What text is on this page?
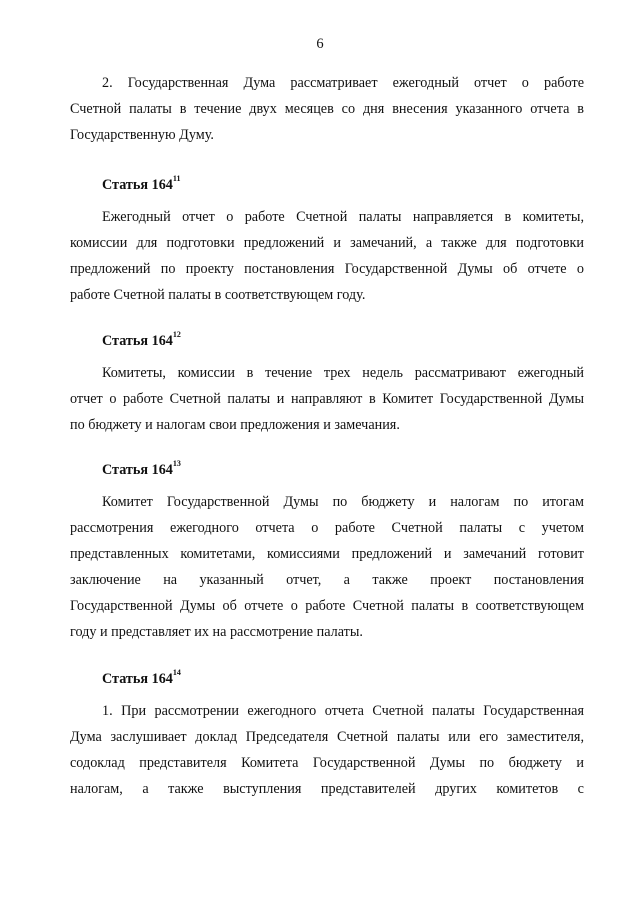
6
2. Государственная Дума рассматривает ежегодный отчет о работе
Счетной палаты в течение двух месяцев со дня внесения указанного отчета в
Государственную Думу.
Статья $164^{11}$
Ежегодный отчет о работе Счетной палаты направляется в комитеты,
комиссии для подготовки предложений и замечаний, а также для подготовки
предложений по проекту постановления Государственной Думы об отчете о
работе Счетной палаты в соответствующем году.
Статья $164^{12}$
Комитеты, комиссии в течение трех недель рассматривают ежегодный
отчет о работе Счетной палаты и направляют в Комитет Государственной Думы
по бюджету и налогам свои предложения и замечания.
Статья $164^{13}$
Комитет Государственной Думы по бюджету и налогам по итогам
рассмотрения ежегодного отчета о работе Счетной палаты с учетом
представленных комитетами, комиссиями предложений и замечаний готовит
заключение на указанный отчет, а также проект постановления
Государственной Думы об отчете о работе Счетной палаты в соответствующем
году и представляет их на рассмотрение палаты.
Статья $164^{14}$
1. При рассмотрении ежегодного отчета Счетной палаты Государственная
Дума заслушивает доклад Председателя Счетной палаты или его заместителя,
содоклад представителя Комитета Государственной Думы по бюджету и
налогам, а также выступления представителей других комитетов с
